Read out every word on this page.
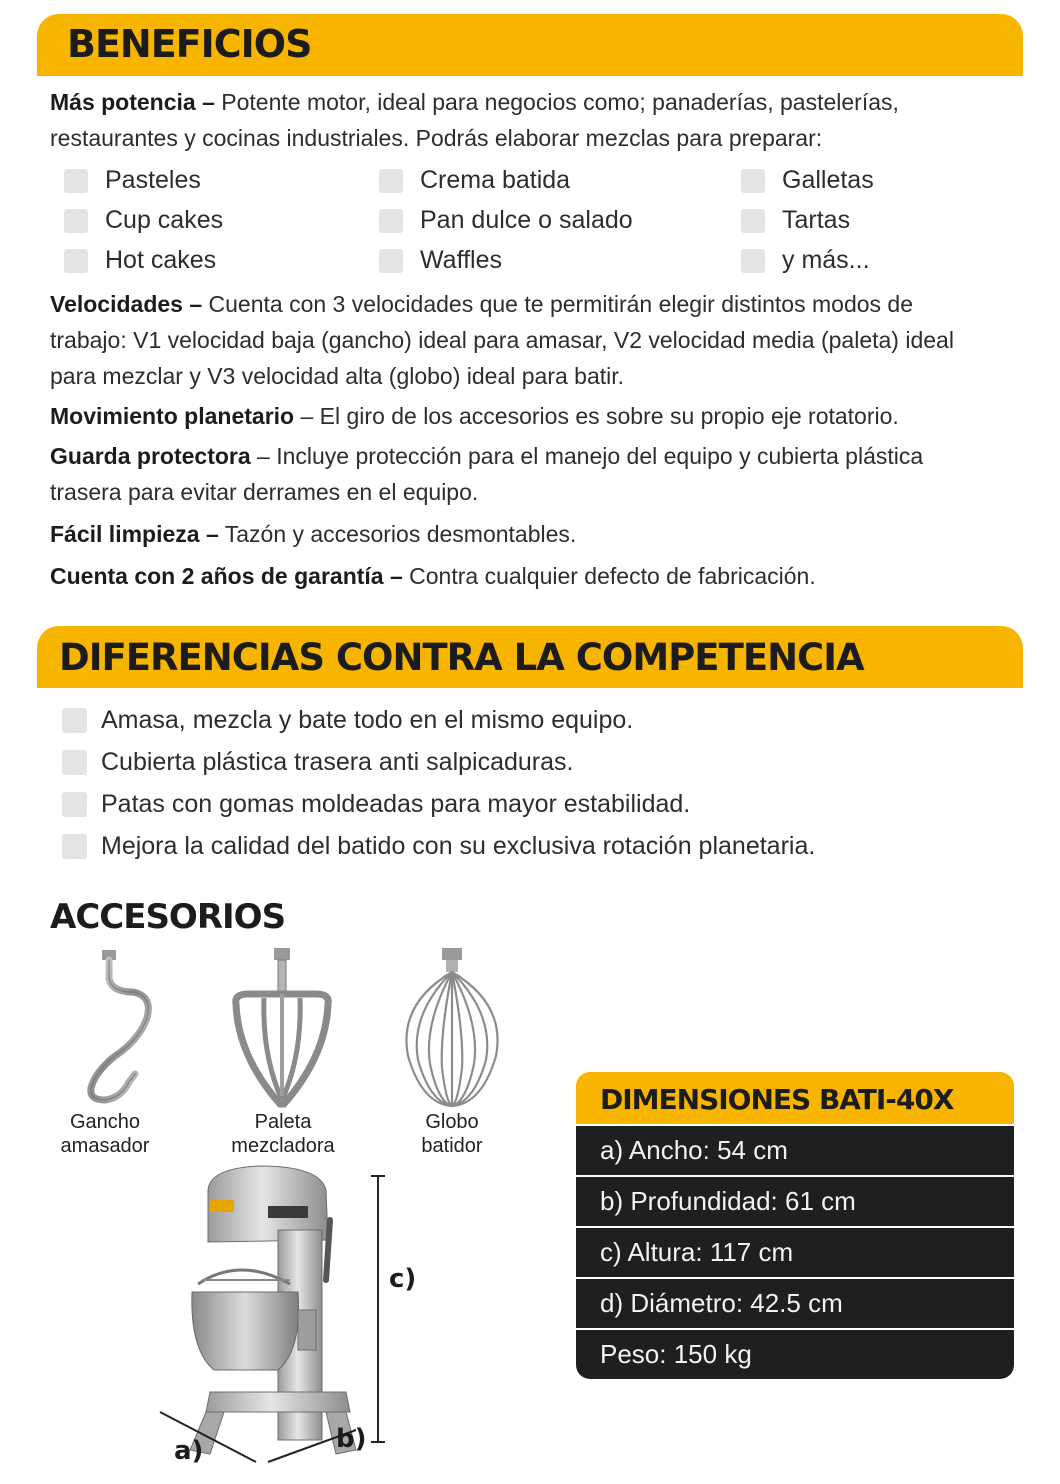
BENEFICIOS

Más potencia – Potente motor, ideal para negocios como; panaderías, pastelerías,
restaurantes y cocinas industriales. Podrás elaborar mezclas para preparar:

Pasteles
Cup cakes
Hot cakes
Crema batida
Pan dulce o salado
Waffles
Galletas
Tartas
y más...

Velocidades – Cuenta con 3 velocidades que te permitirán elegir distintos modos de
trabajo: V1 velocidad baja (gancho) ideal para amasar, V2 velocidad media (paleta) ideal
para mezclar y V3 velocidad alta (globo) ideal para batir.

Movimiento planetario – El giro de los accesorios es sobre su propio eje rotatorio.

Guarda protectora – Incluye protección para el manejo del equipo y cubierta plástica
trasera para evitar derrames en el equipo.

Fácil limpieza – Tazón y accesorios desmontables.

Cuenta con 2 años de garantía – Contra cualquier defecto de fabricación.

DIFERENCIAS CONTRA LA COMPETENCIA
Amasa, mezcla y bate todo en el mismo equipo.
Cubierta plástica trasera anti salpicaduras.
Patas con gomas moldeadas para mayor estabilidad.
Mejora la calidad del batido con su exclusiva rotación planetaria.
ACCESORIOS
Gancho
amasador
Paleta
mezcladora
Globo
batidor
c)
a)	b)
DIMENSIONES BATI-40X
a) Ancho: 54 cm
b) Profundidad: 61 cm
c) Altura: 117 cm
d) Diámetro: 42.5 cm
Peso: 150 kg
